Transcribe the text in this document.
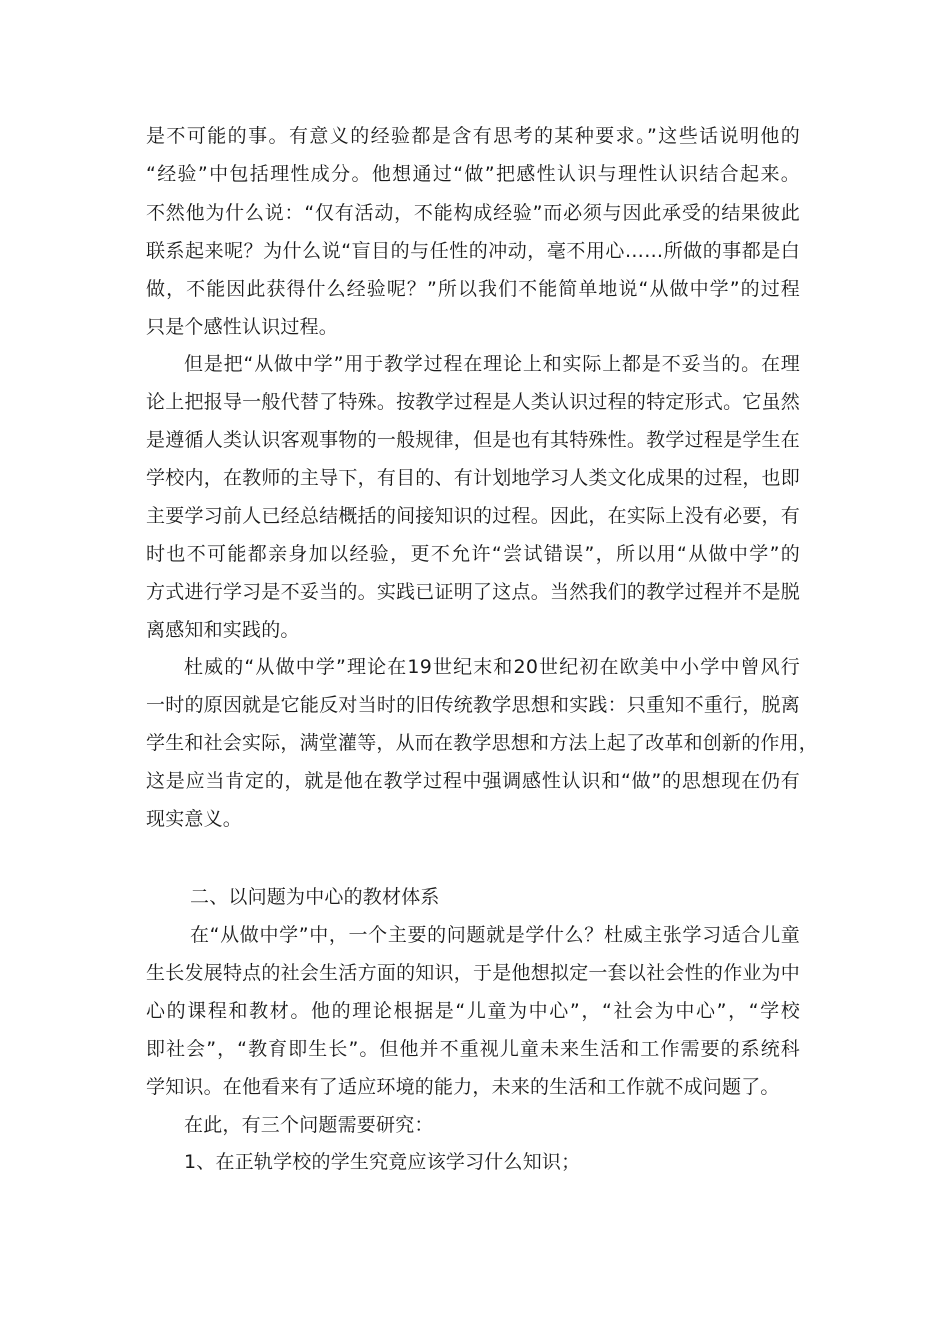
是不可能的事。有意义的经验都是含有思考的某种要求。”这些话说明他的
“经验”中包括理性成分。他想通过“做”把感性认识与理性认识结合起来。
不然他为什么说：“仅有活动，不能构成经验”而必须与因此承受的结果彼此
联系起来呢？为什么说“盲目的与任性的冲动，毫不用心……所做的事都是白
做，不能因此获得什么经验呢？”所以我们不能简单地说“从做中学”的过程
只是个感性认识过程。
但是把“从做中学”用于教学过程在理论上和实际上都是不妥当的。在理
论上把报导一般代替了特殊。按教学过程是人类认识过程的特定形式。它虽然
是遵循人类认识客观事物的一般规律，但是也有其特殊性。教学过程是学生在
学校内，在教师的主导下，有目的、有计划地学习人类文化成果的过程，也即
主要学习前人已经总结概括的间接知识的过程。因此，在实际上没有必要，有
时也不可能都亲身加以经验，更不允许“尝试错误”，所以用“从做中学”的
方式进行学习是不妥当的。实践已证明了这点。当然我们的教学过程并不是脱
离感知和实践的。
杜威的“从做中学”理论在19世纪末和20世纪初在欧美中小学中曾风行
一时的原因就是它能反对当时的旧传统教学思想和实践：只重知不重行，脱离
学生和社会实际，满堂灌等，从而在教学思想和方法上起了改革和创新的作用，
这是应当肯定的，就是他在教学过程中强调感性认识和“做”的思想现在仍有
现实意义。
二、以问题为中心的教材体系
在“从做中学”中，一个主要的问题就是学什么？杜威主张学习适合儿童
生长发展特点的社会生活方面的知识，于是他想拟定一套以社会性的作业为中
心的课程和教材。他的理论根据是“儿童为中心”，“社会为中心”，“学校
即社会”，“教育即生长”。但他并不重视儿童未来生活和工作需要的系统科
学知识。在他看来有了适应环境的能力，未来的生活和工作就不成问题了。
在此，有三个问题需要研究：
1、在正轨学校的学生究竟应该学习什么知识；
